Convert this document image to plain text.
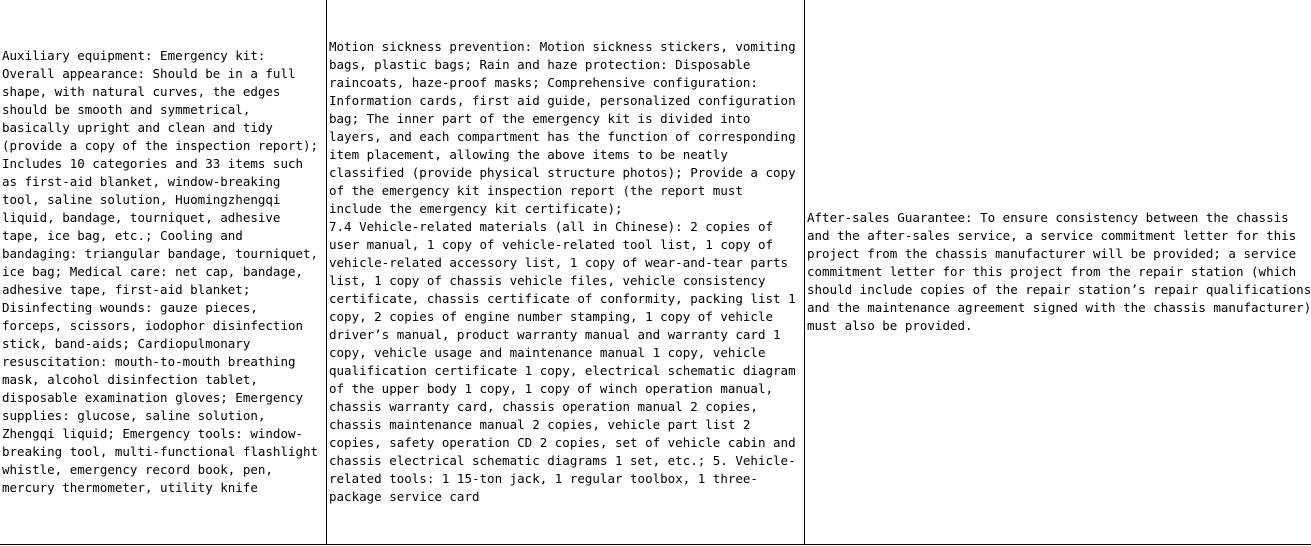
Auxiliary equipment: Emergency kit: Overall appearance: Should be in a full shape, with natural curves, the edges should be smooth and symmetrical, basically upright and clean and tidy (provide a copy of the inspection report); Includes 10 categories and 33 items such as first-aid blanket, window-breaking tool, saline solution, Huomingzhengqi liquid, bandage, tourniquet, adhesive tape, ice bag, etc.; Cooling and bandaging: triangular bandage, tourniquet, ice bag; Medical care: net cap, bandage, adhesive tape, first-aid blanket; Disinfecting wounds: gauze pieces, forceps, scissors, iodophor disinfection stick, band-aids; Cardiopulmonary resuscitation: mouth-to-mouth breathing mask, alcohol disinfection tablet, disposable examination gloves; Emergency supplies: glucose, saline solution, Zhengqi liquid; Emergency tools: window-breaking tool, multi-functional flashlight whistle, emergency record book, pen, mercury thermometer, utility knife

Motion sickness prevention: Motion sickness stickers, vomiting bags, plastic bags; Rain and haze protection: Disposable raincoats, haze-proof masks; Comprehensive configuration: Information cards, first aid guide, personalized configuration bag; The inner part of the emergency kit is divided into layers, and each compartment has the function of corresponding item placement, allowing the above items to be neatly classified (provide physical structure photos); Provide a copy of the emergency kit inspection report (the report must include the emergency kit certificate);
7.4 Vehicle-related materials (all in Chinese): 2 copies of user manual, 1 copy of vehicle-related tool list, 1 copy of vehicle-related accessory list, 1 copy of wear-and-tear parts list, 1 copy of chassis vehicle files, vehicle consistency certificate, chassis certificate of conformity, packing list 1 copy, 2 copies of engine number stamping, 1 copy of vehicle driver’s manual, product warranty manual and warranty card 1 copy, vehicle usage and maintenance manual 1 copy, vehicle qualification certificate 1 copy, electrical schematic diagram of the upper body 1 copy, 1 copy of winch operation manual, chassis warranty card, chassis operation manual 2 copies, chassis maintenance manual 2 copies, vehicle part list 2 copies, safety operation CD 2 copies, set of vehicle cabin and chassis electrical schematic diagrams 1 set, etc.; 5. Vehicle-related tools: 1 15-ton jack, 1 regular toolbox, 1 three-package service card

After-sales Guarantee: To ensure consistency between the chassis and the after-sales service, a service commitment letter for this project from the chassis manufacturer will be provided; a service commitment letter for this project from the repair station (which should include copies of the repair station’s repair qualifications and the maintenance agreement signed with the chassis manufacturer) must also be provided.
